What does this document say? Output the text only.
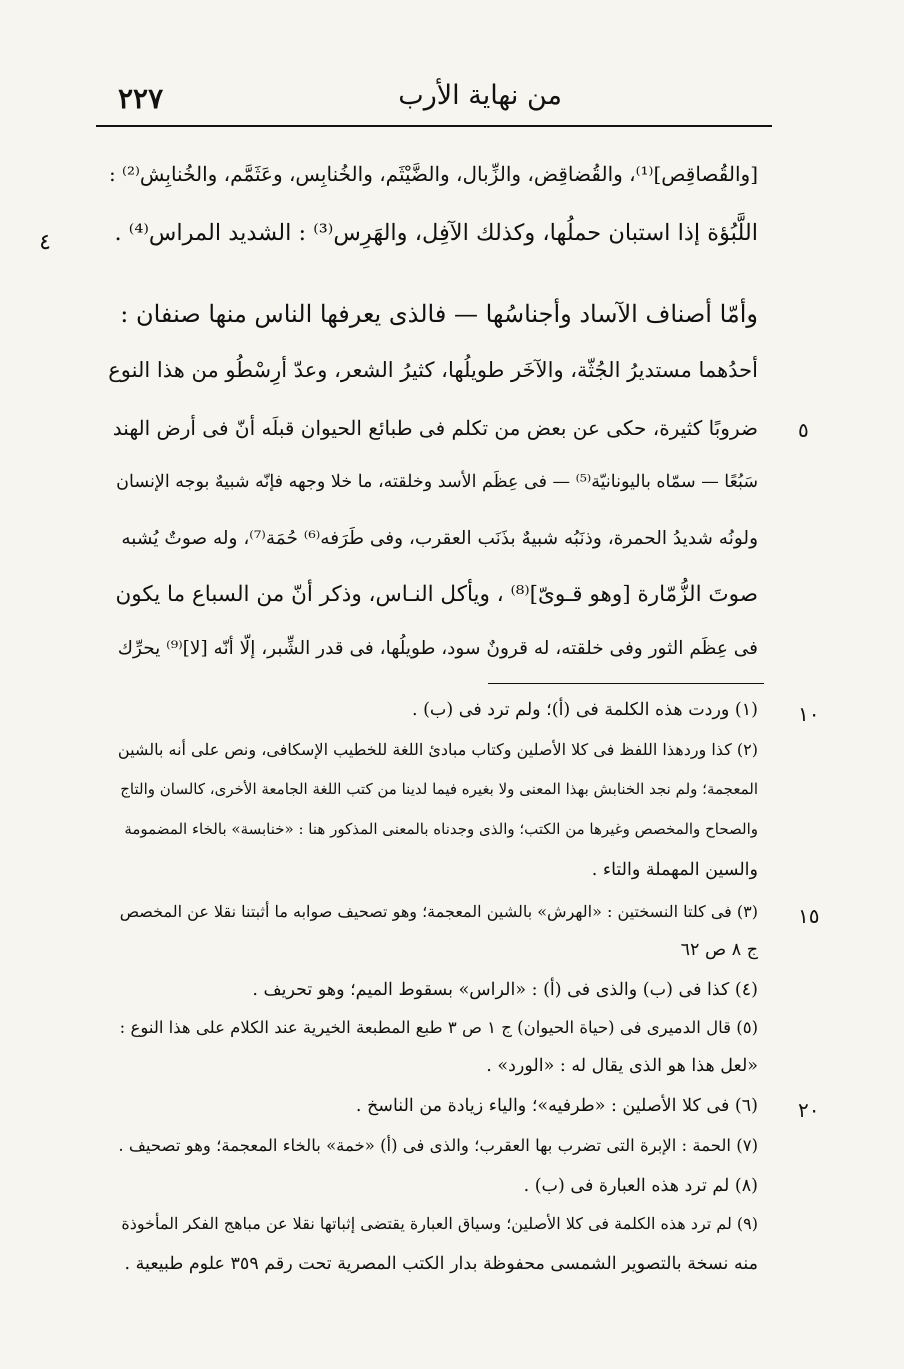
٢٢٧	من نهاية الأرب
٤
[والقُصاقِص]⁽¹⁾، والقُضاقِض، والزِّبال، والضَّيْثَم، والخُنابِس، وعَثَمَّم، والخُنابِش⁽²⁾ :
اللَّبُؤة إذا استبان حملُها، وكذلك الآفِل، والهَرِس⁽³⁾ : الشديد المراس⁽⁴⁾ .
وأمّا أصناف الآساد وأجناسُها — فالذى يعرفها الناس منها صنفان :
أحدُهما مستديرُ الجُثّة، والآخَر طويلُها، كثيرُ الشعر، وعدّ أرِسْطُو من هذا النوع
ضروبًا كثيرة، حكى عن بعض من تكلم فى طبائع الحيوان قبلَه أنّ فى أرض الهند
سَبُعًا — سمّاه باليونانيّة⁽⁵⁾ — فى عِظَم الأسد وخلقته، ما خلا وجهه فإنّه شبيهٌ بوجه الإنسان
ولونُه شديدُ الحمرة، وذنَبُه شبيهٌ بذَنَب العقرب، وفى طَرَفه⁽⁶⁾ حُمَة⁽⁷⁾، وله صوتٌ يُشبه
صوتَ الزُّمّارة [وهو قـوىّ]⁽⁸⁾ ، ويأكل النـاس، وذكر أنّ من السباع ما يكون
فى عِظَم الثور وفى خلقته، له قرونٌ سود، طويلُها، فى قدر الشِّبر، إلّا أنّه [لا]⁽⁹⁾ يحرِّك
٥
١٠
١٥
٢٠
(١) وردت هذه الكلمة فى (أ)؛ ولم ترد فى (ب) .
(٢) كذا وردهذا اللفظ فى كلا الأصلين وكتاب مبادئ اللغة للخطيب الإسكافى، ونص على أنه بالشين
المعجمة؛ ولم نجد الخنابش بهذا المعنى ولا بغيره فيما لدينا من كتب اللغة الجامعة الأخرى، كالسان والتاج
والصحاح والمخصص وغيرها من الكتب؛ والذى وجدناه بالمعنى المذكور هنا : «خنابسة» بالخاء المضمومة
والسين المهملة والتاء .
(٣) فى كلتا النسختين : «الهرش» بالشين المعجمة؛ وهو تصحيف صوابه ما أثبتنا نقلا عن المخصص
ج ٨ ص ٦٢
(٤) كذا فى (ب) والذى فى (أ) : «الراس» بسقوط الميم؛ وهو تحريف .
(٥) قال الدميرى فى (حياة الحيوان) ج ١ ص ٣ طبع المطبعة الخيرية عند الكلام على هذا النوع :
«لعل هذا هو الذى يقال له : «الورد» .
(٦) فى كلا الأصلين : «طرفيه»؛ والياء زيادة من الناسخ .
(٧) الحمة : الإبرة التى تضرب بها العقرب؛ والذى فى (أ) «خمة» بالخاء المعجمة؛ وهو تصحيف .
(٨) لم ترد هذه العبارة فى (ب) .
(٩) لم ترد هذه الكلمة فى كلا الأصلين؛ وسياق العبارة يقتضى إثباتها نقلا عن مباهج الفكر المأخوذة
منه نسخة بالتصوير الشمسى محفوظة بدار الكتب المصرية تحت رقم ٣٥٩ علوم طبيعية .
